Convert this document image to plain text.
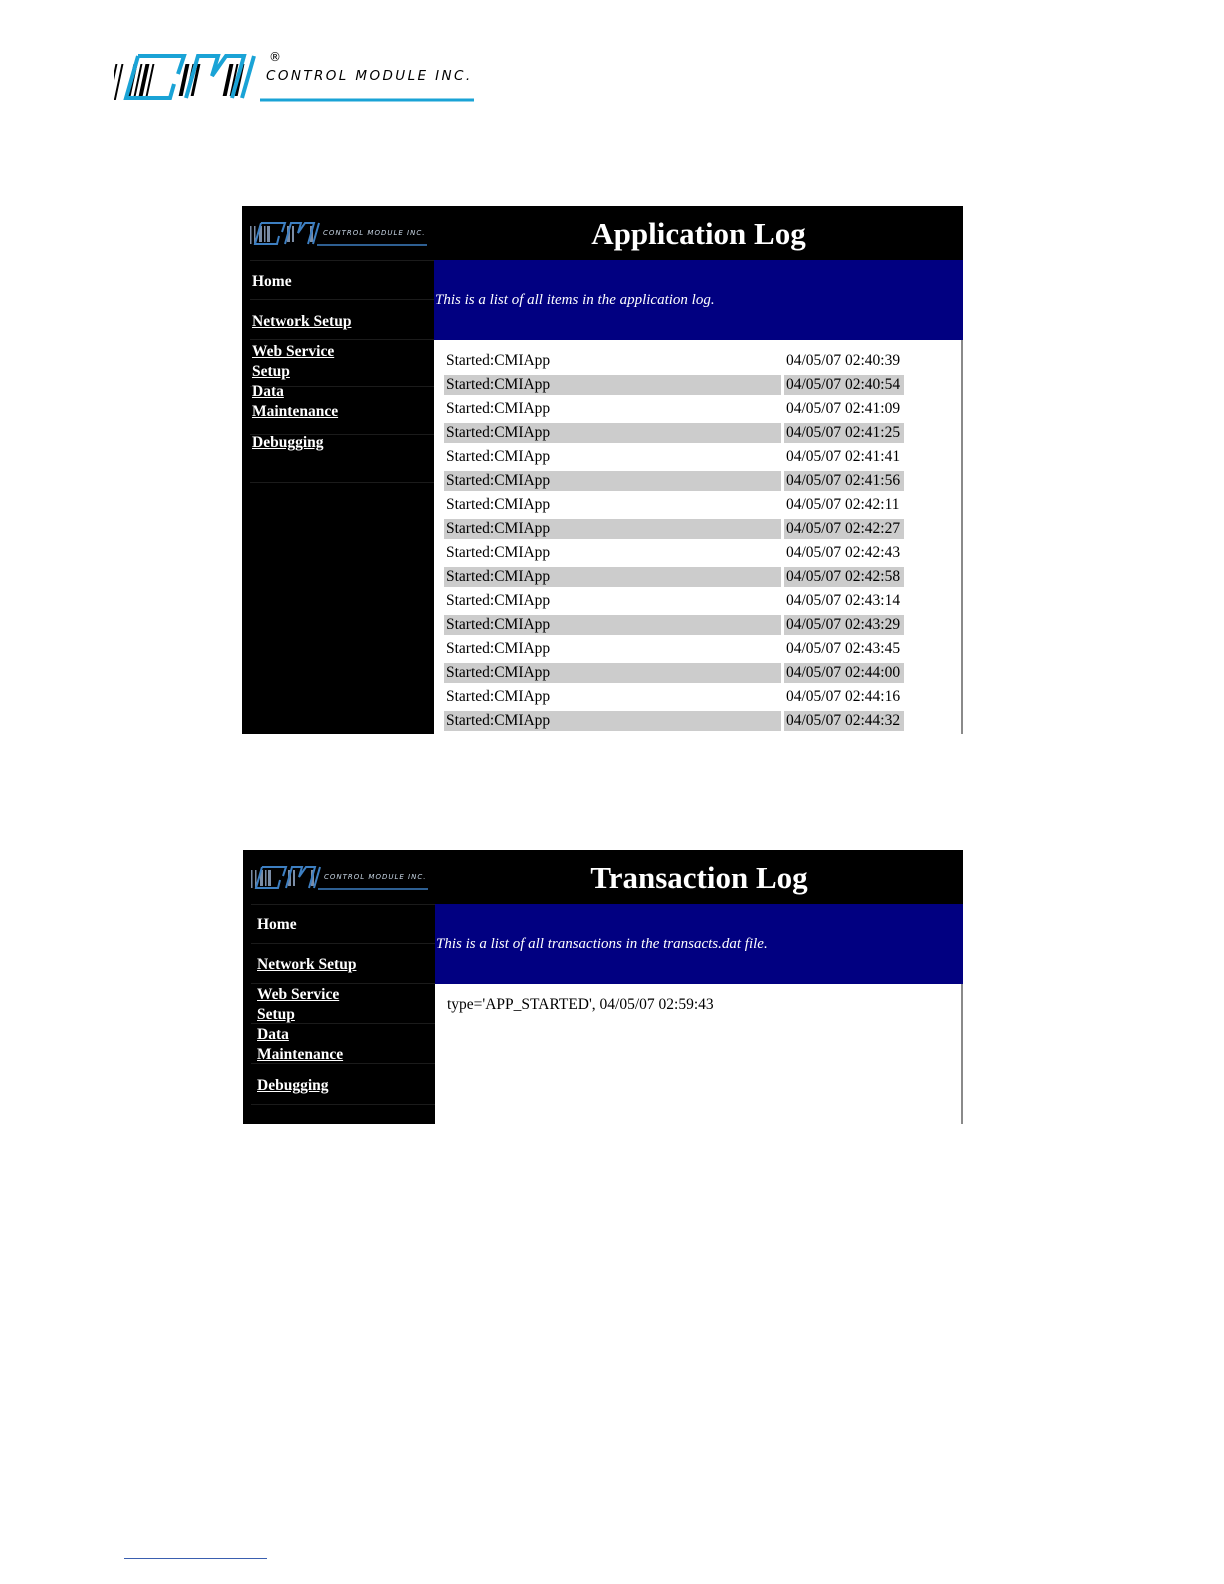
®
CONTROL MODULE INC.
CONTROL MODULE INC.
Home
Network Setup
Web Service
Setup
Data
Maintenance
Debugging
Application Log
This is a list of all items in the application log.
Started:CMIApp		04/05/07 02:40:39
Started:CMIApp		04/05/07 02:40:54
Started:CMIApp		04/05/07 02:41:09
Started:CMIApp		04/05/07 02:41:25
Started:CMIApp		04/05/07 02:41:41
Started:CMIApp		04/05/07 02:41:56
Started:CMIApp		04/05/07 02:42:11
Started:CMIApp		04/05/07 02:42:27
Started:CMIApp		04/05/07 02:42:43
Started:CMIApp		04/05/07 02:42:58
Started:CMIApp		04/05/07 02:43:14
Started:CMIApp		04/05/07 02:43:29
Started:CMIApp		04/05/07 02:43:45
Started:CMIApp		04/05/07 02:44:00
Started:CMIApp		04/05/07 02:44:16
Started:CMIApp		04/05/07 02:44:32
CONTROL MODULE INC.
Home
Network Setup
Web Service
Setup
Data
Maintenance
Debugging
Transaction Log
This is a list of all transactions in the transacts.dat file.
type='APP_STARTED', 04/05/07 02:59:43
